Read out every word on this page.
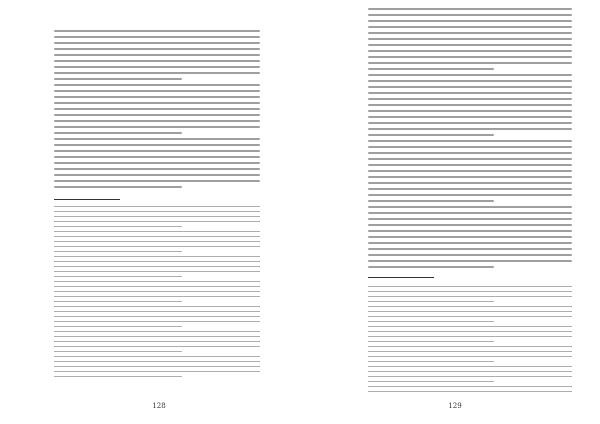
128	129
